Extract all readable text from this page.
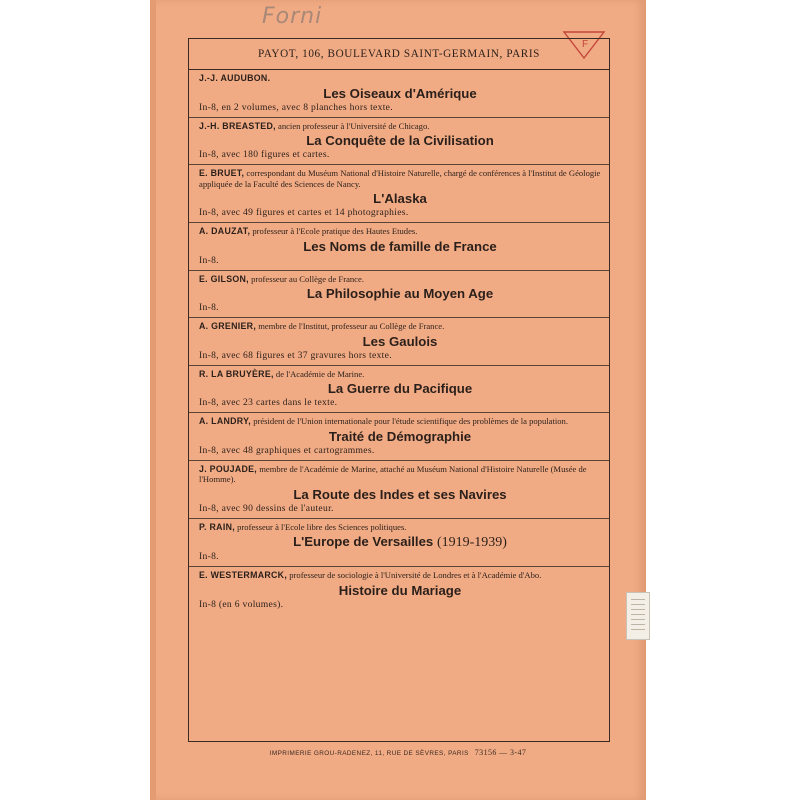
Forni
F
PAYOT, 106, BOULEVARD SAINT-GERMAIN, PARIS
J.-J. AUDUBON.
Les Oiseaux d'Amérique
In-8, en 2 volumes, avec 8 planches hors texte.
J.-H. BREASTED, ancien professeur à l'Université de Chicago.
La Conquête de la Civilisation
In-8, avec 180 figures et cartes.
E. BRUET, correspondant du Muséum National d'Histoire Naturelle, chargé de conférences à l'Institut de Géologie appliquée de la Faculté des Sciences de Nancy.
L'Alaska
In-8, avec 49 figures et cartes et 14 photographies.
A. DAUZAT, professeur à l'Ecole pratique des Hautes Etudes.
Les Noms de famille de France
In-8.
E. GILSON, professeur au Collège de France.
La Philosophie au Moyen Age
In-8.
A. GRENIER, membre de l'Institut, professeur au Collège de France.
Les Gaulois
In-8, avec 68 figures et 37 gravures hors texte.
R. LA BRUYÈRE, de l'Académie de Marine.
La Guerre du Pacifique
In-8, avec 23 cartes dans le texte.
A. LANDRY, président de l'Union internationale pour l'étude scientifique des problèmes de la population.
Traité de Démographie
In-8, avec 48 graphiques et cartogrammes.
J. POUJADE, membre de l'Académie de Marine, attaché au Muséum National d'Histoire Naturelle (Musée de l'Homme).
La Route des Indes et ses Navires
In-8, avec 90 dessins de l'auteur.
P. RAIN, professeur à l'Ecole libre des Sciences politiques.
L'Europe de Versailles (1919-1939)
In-8.
E. WESTERMARCK, professeur de sociologie à l'Université de Londres et à l'Académie d'Abo.
Histoire du Mariage
In-8 (en 6 volumes).
IMPRIMERIE GROU-RADENEZ, 11, RUE DE SÈVRES, PARIS 73156 — 3-47
